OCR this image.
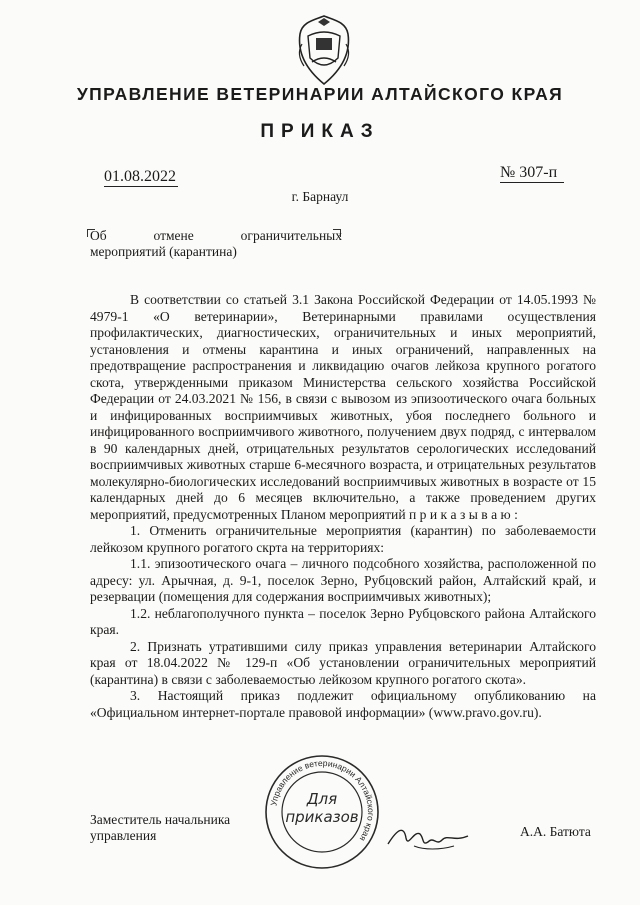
УПРАВЛЕНИЕ ВЕТЕРИНАРИИ АЛТАЙСКОГО КРАЯ
ПРИКАЗ
01.08.2022	№ 307-п
г. Барнаул
Об	отмене	ограничительных
мероприятий (карантина)

В соответствии со статьей 3.1 Закона Российской Федерации от 14.05.1993 № 4979-1 «О ветеринарии», Ветеринарными правилами осуществления профилактических, диагностических, ограничительных и иных мероприятий, установления и отмены карантина и иных ограничений, направленных на предотвращение распространения и ликвидацию очагов лейкоза крупного рогатого скота, утвержденными приказом Министерства сельского хозяйства Российской Федерации от 24.03.2021 № 156, в связи с вывозом из эпизоотического очага больных и инфицированных восприимчивых животных, убоя последнего больного и инфицированного восприимчивого животного, получением двух подряд, с интервалом в 90 календарных дней, отрицательных результатов серологических исследований восприимчивых животных старше 6-месячного возраста, и отрицательных результатов молекулярно-биологических исследований восприимчивых животных в возрасте от 15 календарных дней до 6 месяцев включительно, а также проведением других мероприятий, предусмотренных Планом мероприятий п р и к а з ы в а ю :

1. Отменить ограничительные мероприятия (карантин) по заболеваемости лейкозом крупного рогатого скрта на территориях:

1.1. эпизоотического очага – личного подсобного хозяйства, расположенной по адресу: ул. Арычная, д. 9-1, поселок Зерно, Рубцовский район, Алтайский край, и резервации (помещения для содержания восприимчивых животных);

1.2. неблагополучного пункта – поселок Зерно Рубцовского района Алтайского края.

2. Признать утратившими силу приказ управления ветеринарии Алтайского края от 18.04.2022 № 129-п «Об установлении ограничительных мероприятий (карантина) в связи с заболеваемостью лейкозом крупного рогатого скота».

3. Настоящий приказ подлежит официальному опубликованию на «Официальном интернет-портале правовой информации» (www.pravo.gov.ru).

Заместитель начальника
управления
Управление ветеринарии Алтайского края
Для
приказов
А.А. Батюта
